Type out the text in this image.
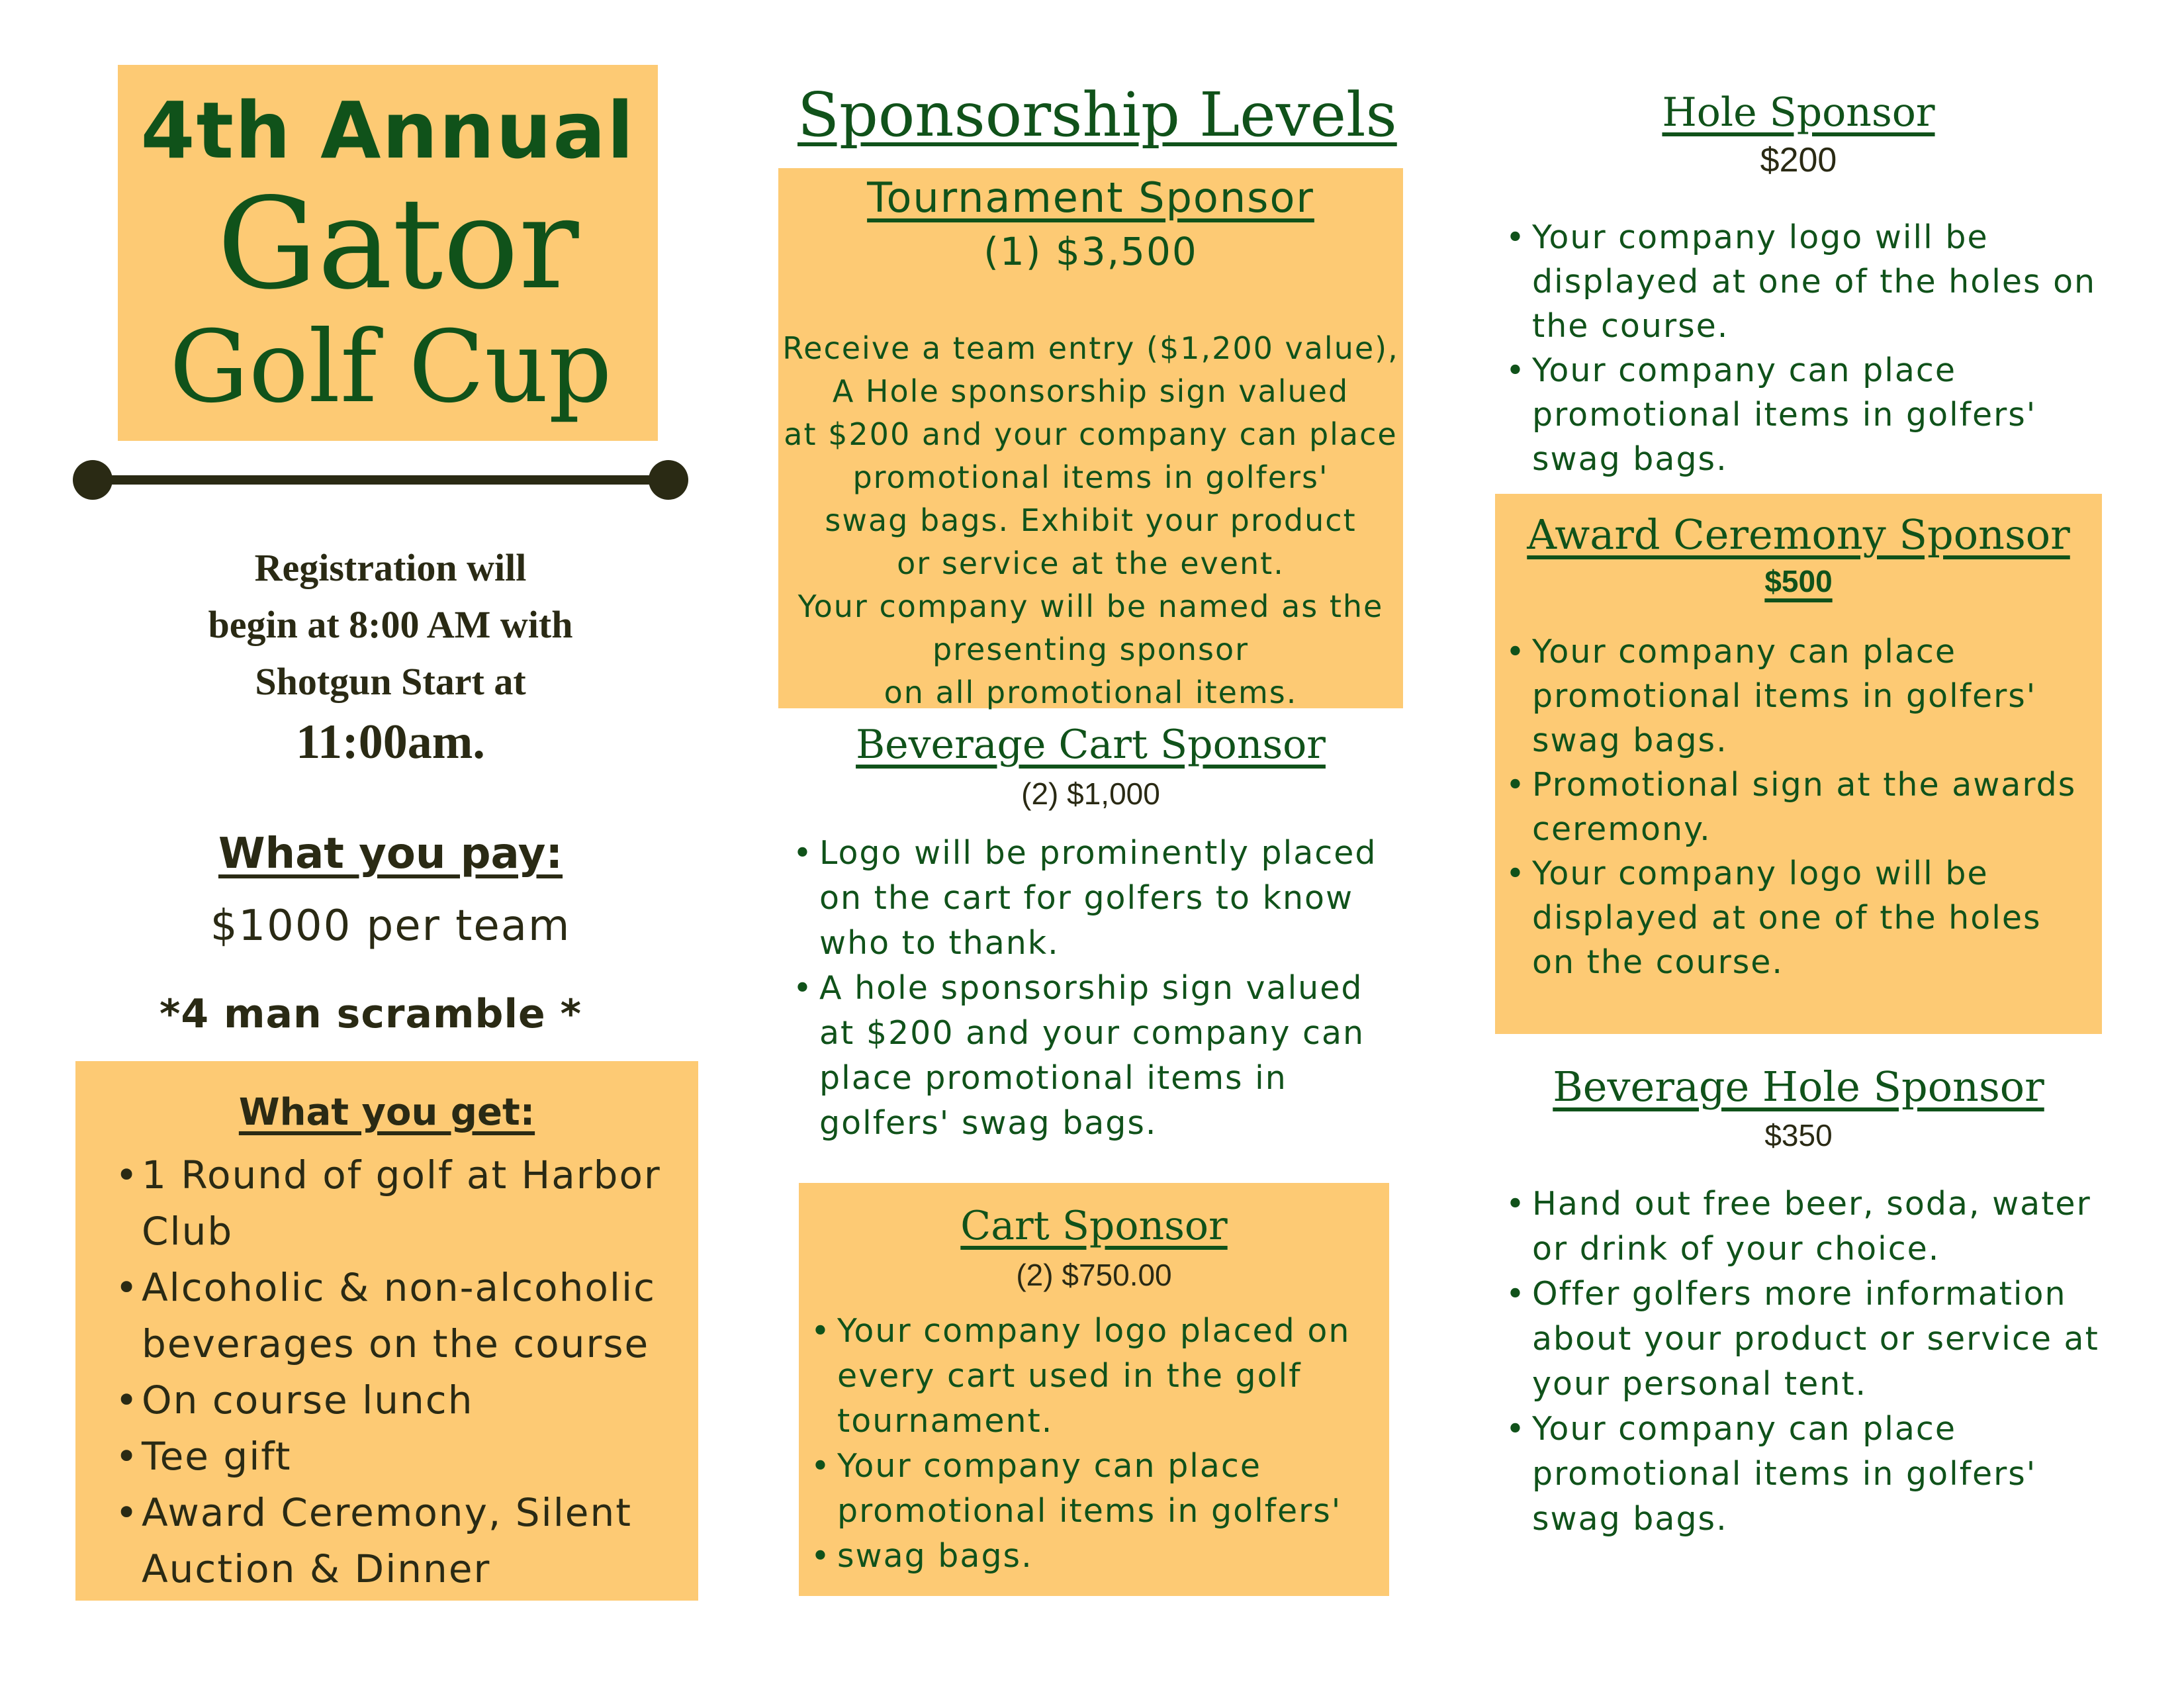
4th Annual
Gator
Golf Cup
Registration will
begin at 8:00 AM with
Shotgun Start at
11:00am.
What you pay:
$1000 per team
*4 man scramble *
What you get:
• 1 Round of golf at Harbor Club
• Alcoholic & non-alcoholic beverages on the course
• On course lunch
• Tee gift
• Award Ceremony, Silent Auction & Dinner
Sponsorship Levels
Tournament Sponsor
(1) $3,500
Receive a team entry ($1,200 value),
A Hole sponsorship sign valued
at $200 and your company can place
promotional items in golfers'
swag bags. Exhibit your product
or service at the event.
Your company will be named as the
presenting sponsor
on all promotional items.
Beverage Cart Sponsor
(2) $1,000
• Logo will be prominently placed on the cart for golfers to know who to thank.
• A hole sponsorship sign valued at $200 and your company can place promotional items in golfers' swag bags.
Cart Sponsor
(2) $750.00
• Your company logo placed on every cart used in the golf tournament.
• Your company can place promotional items in golfers'
• swag bags.
Hole Sponsor
$200
• Your company logo will be displayed at one of the holes on the course.
• Your company can place promotional items in golfers' swag bags.
Award Ceremony Sponsor
$500
• Your company can place promotional items in golfers' swag bags.
• Promotional sign at the awards ceremony.
• Your company logo will be displayed at one of the holes on the course.
Beverage Hole Sponsor
$350
• Hand out free beer, soda, water or drink of your choice.
• Offer golfers more information about your product or service at your personal tent.
• Your company can place promotional items in golfers' swag bags.
